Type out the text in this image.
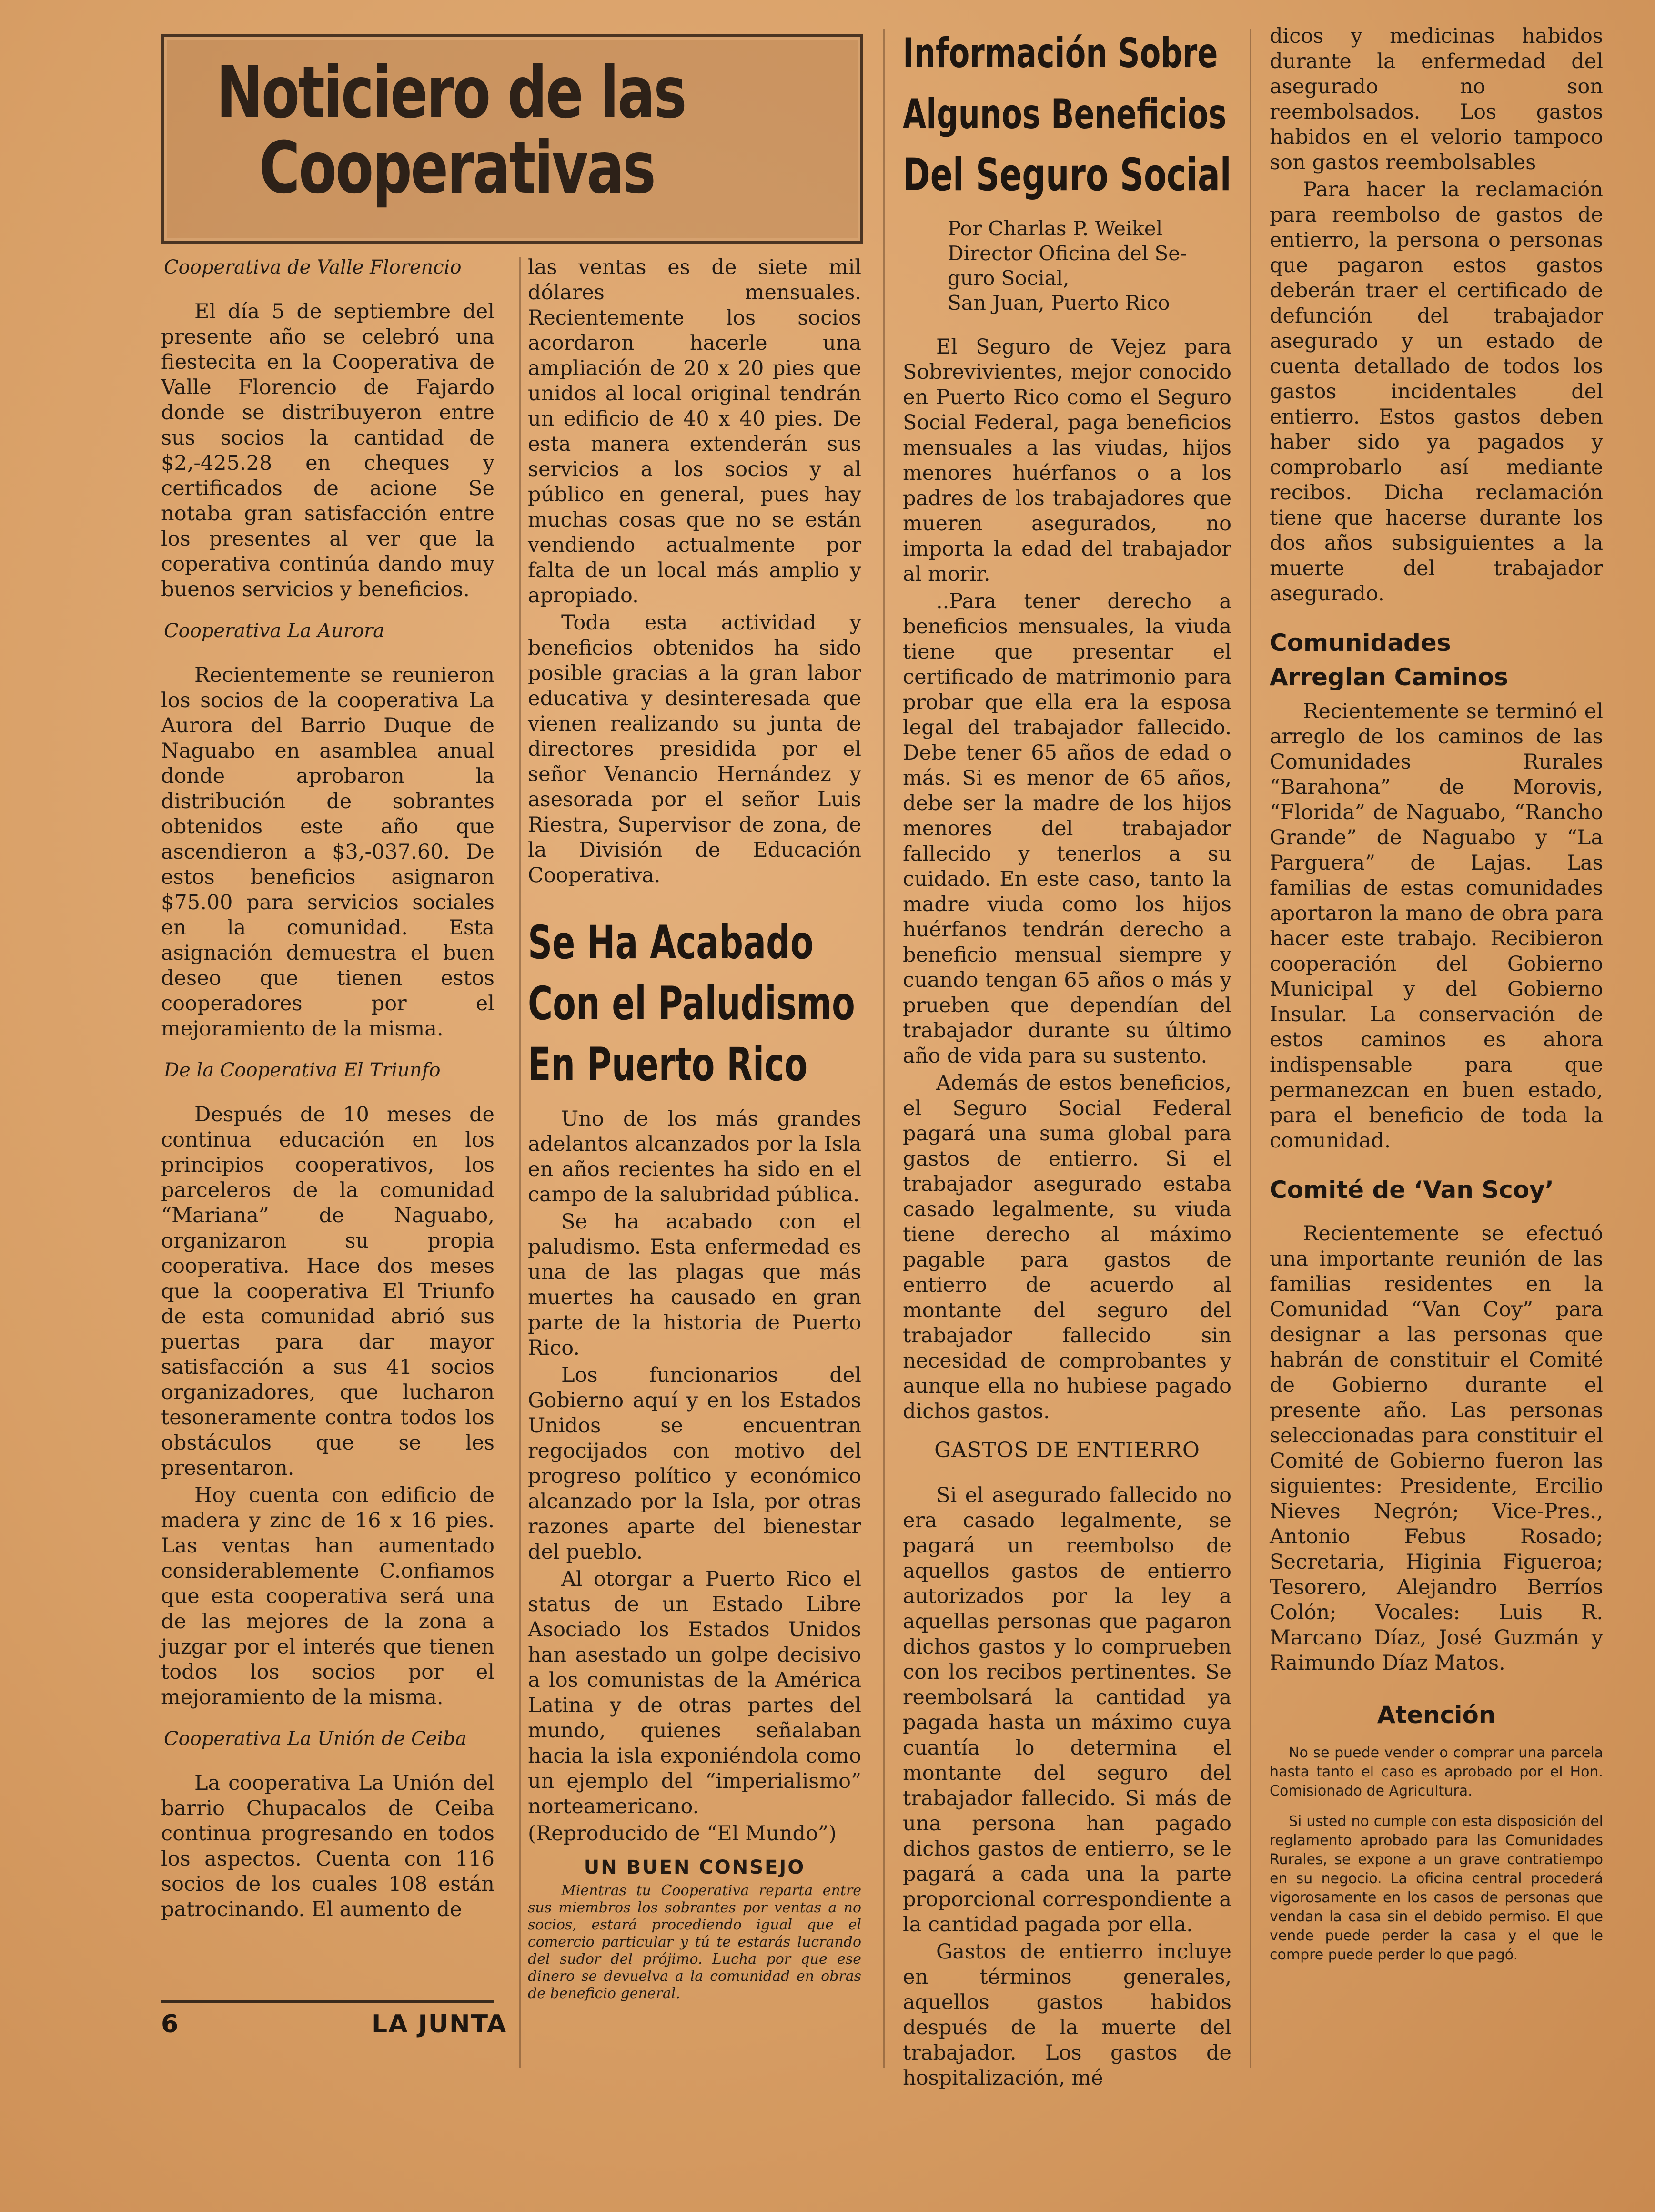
Noticiero de las
Cooperativas
Cooperativa de Valle Florencio

El día 5 de septiembre del presente año se celebró una fiestecita en la Cooperativa de Valle Florencio de Fajardo donde se distribuyeron entre sus socios la cantidad de $2,-425.28 en cheques y certificados de acione Se notaba gran satisfacción entre los presentes al ver que la coperativa continúa dando muy buenos servicios y beneficios.

Cooperativa La Aurora

Recientemente se reunieron los socios de la cooperativa La Aurora del Barrio Duque de Naguabo en asamblea anual donde aprobaron la distribución de sobrantes obtenidos este año que ascendieron a $3,-037.60. De estos beneficios asignaron $75.00 para servicios sociales en la comunidad. Esta asignación demuestra el buen deseo que tienen estos cooperadores por el mejoramiento de la misma.

De la Cooperativa El Triunfo

Después de 10 meses de continua educación en los principios cooperativos, los parceleros de la comunidad “Mariana” de Naguabo, organizaron su propia cooperativa. Hace dos meses que la cooperativa El Triunfo de esta comunidad abrió sus puertas para dar mayor satisfacción a sus 41 socios organizadores, que lucharon tesoneramente contra todos los obstáculos que se les presentaron.

Hoy cuenta con edificio de madera y zinc de 16 x 16 pies. Las ventas han aumentado considerablemente C.onfiamos que esta cooperativa será una de las mejores de la zona a juzgar por el interés que tienen todos los socios por el mejoramiento de la misma.

Cooperativa La Unión de Ceiba

La cooperativa La Unión del barrio Chupacalos de Ceiba continua progresando en todos los aspectos. Cuenta con 116 socios de los cuales 108 están patrocinando. El aumento de

las ventas es de siete mil dólares mensuales. Recientemente los socios acordaron hacerle una ampliación de 20 x 20 pies que unidos al local original tendrán un edificio de 40 x 40 pies. De esta manera extenderán sus servicios a los socios y al público en general, pues hay muchas cosas que no se están vendiendo actualmente por falta de un local más amplio y apropiado.

Toda esta actividad y beneficios obtenidos ha sido posible gracias a la gran labor educativa y desinteresada que vienen realizando su junta de directores presidida por el señor Venancio Hernández y asesorada por el señor Luis Riestra, Supervisor de zona, de la División de Educación Cooperativa.

Se Ha Acabado
Con el Paludismo
En Puerto Rico

Uno de los más grandes adelantos alcanzados por la Isla en años recientes ha sido en el campo de la salubridad pública.

Se ha acabado con el paludismo. Esta enfermedad es una de las plagas que más muertes ha causado en gran parte de la historia de Puerto Rico.

Los funcionarios del Gobierno aquí y en los Estados Unidos se encuentran regocijados con motivo del progreso político y económico alcanzado por la Isla, por otras razones aparte del bienestar del pueblo.

Al otorgar a Puerto Rico el status de un Estado Libre Asociado los Estados Unidos han asestado un golpe decisivo a los comunistas de la América Latina y de otras partes del mundo, quienes señalaban hacia la isla exponiéndola como un ejemplo del “imperialismo” norteamericano.

(Reproducido de “El Mundo”)
UN BUEN CONSEJO

Mientras tu Cooperativa reparta entre sus miembros los sobrantes por ventas a no socios, estará procediendo igual que el comercio particular y tú te estarás lucrando del sudor del prójimo. Lucha por que ese dinero se devuelva a la comunidad en obras de beneficio general.

Información Sobre
Algunos Beneficios
Del Seguro Social
Por Charlas P. Weikel
Director Oficina del Se-
guro Social,
San Juan, Puerto Rico

El Seguro de Vejez para Sobrevivientes, mejor conocido en Puerto Rico como el Seguro Social Federal, paga beneficios mensuales a las viudas, hijos menores huérfanos o a los padres de los trabajadores que mueren asegurados, no importa la edad del trabajador al morir.

..Para tener derecho a beneficios mensuales, la viuda tiene que presentar el certificado de matrimonio para probar que ella era la esposa legal del trabajador fallecido. Debe tener 65 años de edad o más. Si es menor de 65 años, debe ser la madre de los hijos menores del trabajador fallecido y tenerlos a su cuidado. En este caso, tanto la madre viuda como los hijos huérfanos tendrán derecho a beneficio mensual siempre y cuando tengan 65 años o más y prueben que dependían del trabajador durante su último año de vida para su sustento.

Además de estos beneficios, el Seguro Social Federal pagará una suma global para gastos de entierro. Si el trabajador asegurado estaba casado legalmente, su viuda tiene derecho al máximo pagable para gastos de entierro de acuerdo al montante del seguro del trabajador fallecido sin necesidad de comprobantes y aunque ella no hubiese pagado dichos gastos.

GASTOS DE ENTIERRO

Si el asegurado fallecido no era casado legalmente, se pagará un reembolso de aquellos gastos de entierro autorizados por la ley a aquellas personas que pagaron dichos gastos y lo comprueben con los recibos pertinentes. Se reembolsará la cantidad ya pagada hasta un máximo cuya cuantía lo determina el montante del seguro del trabajador fallecido. Si más de una persona han pagado dichos gastos de entierro, se le pagará a cada una la parte proporcional correspondiente a la cantidad pagada por ella.

Gastos de entierro incluye en términos generales, aquellos gastos habidos después de la muerte del trabajador. Los gastos de hospitalización, mé

dicos y medicinas habidos durante la enfermedad del asegurado no son reembolsados. Los gastos habidos en el velorio tampoco son gastos reembolsables

Para hacer la reclamación para reembolso de gastos de entierro, la persona o personas que pagaron estos gastos deberán traer el certificado de defunción del trabajador asegurado y un estado de cuenta detallado de todos los gastos incidentales del entierro. Estos gastos deben haber sido ya pagados y comprobarlo así mediante recibos. Dicha reclamación tiene que hacerse durante los dos años subsiguientes a la muerte del trabajador asegurado.

Comunidades
Arreglan Caminos

Recientemente se terminó el arreglo de los caminos de las Comunidades Rurales “Barahona” de Morovis, “Florida” de Naguabo, “Rancho Grande” de Naguabo y “La Parguera” de Lajas. Las familias de estas comunidades aportaron la mano de obra para hacer este trabajo. Recibieron cooperación del Gobierno Municipal y del Gobierno Insular. La conservación de estos caminos es ahora indispensable para que permanezcan en buen estado, para el beneficio de toda la comunidad.

Comité de ‘Van Scoy’

Recientemente se efectuó una importante reunión de las familias residentes en la Comunidad “Van Coy” para designar a las personas que habrán de constituir el Comité de Gobierno durante el presente año. Las personas seleccionadas para constituir el Comité de Gobierno fueron las siguientes: Presidente, Ercilio Nieves Negrón; Vice-Pres., Antonio Febus Rosado; Secretaria, Higinia Figueroa; Tesorero, Alejandro Berríos Colón; Vocales: Luis R. Marcano Díaz, José Guzmán y Raimundo Díaz Matos.

Atención

No se puede vender o comprar una parcela hasta tanto el caso es aprobado por el Hon. Comisionado de Agricultura.

Si usted no cumple con esta disposición del reglamento aprobado para las Comunidades Rurales, se expone a un grave contratiempo en su negocio. La oficina central procederá vigorosamente en los casos de personas que vendan la casa sin el debido permiso. El que vende puede perder la casa y el que le compre puede perder lo que pagó.

6	LA JUNTA
